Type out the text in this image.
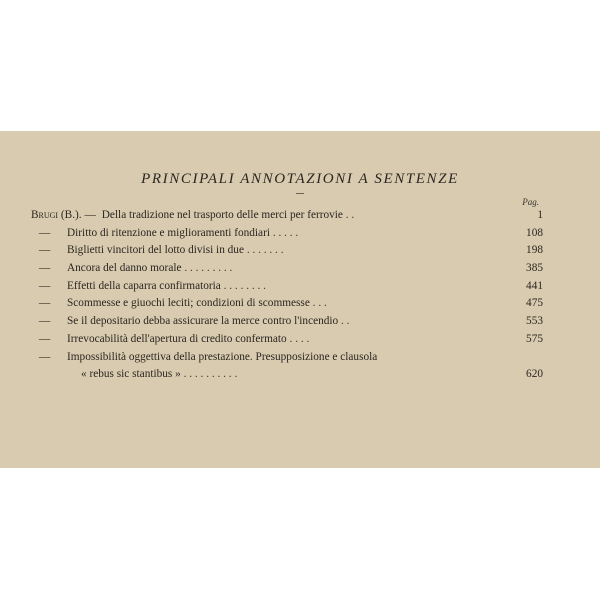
PRINCIPALI ANNOTAZIONI A SENTENZE
Pag.
Brugi (B.). — Della tradizione nel trasporto delle merci per ferrovie . .	1
— Diritto di ritenzione e miglioramenti fondiari . . . . .	108
— Biglietti vincitori del lotto divisi in due . . . . . . .	198
— Ancora del danno morale . . . . . . . . .	385
— Effetti della caparra confirmatoria . . . . . . . .	441
— Scommesse e giuochi leciti; condizioni di scommesse . . .	475
— Se il depositario debba assicurare la merce contro l'incendio . .	553
— Irrevocabilità dell'apertura di credito confermato . . . .	575
— Impossibilità oggettiva della prestazione. Presupposizione e clausola
« rebus sic stantibus » . . . . . . . . . .	620
